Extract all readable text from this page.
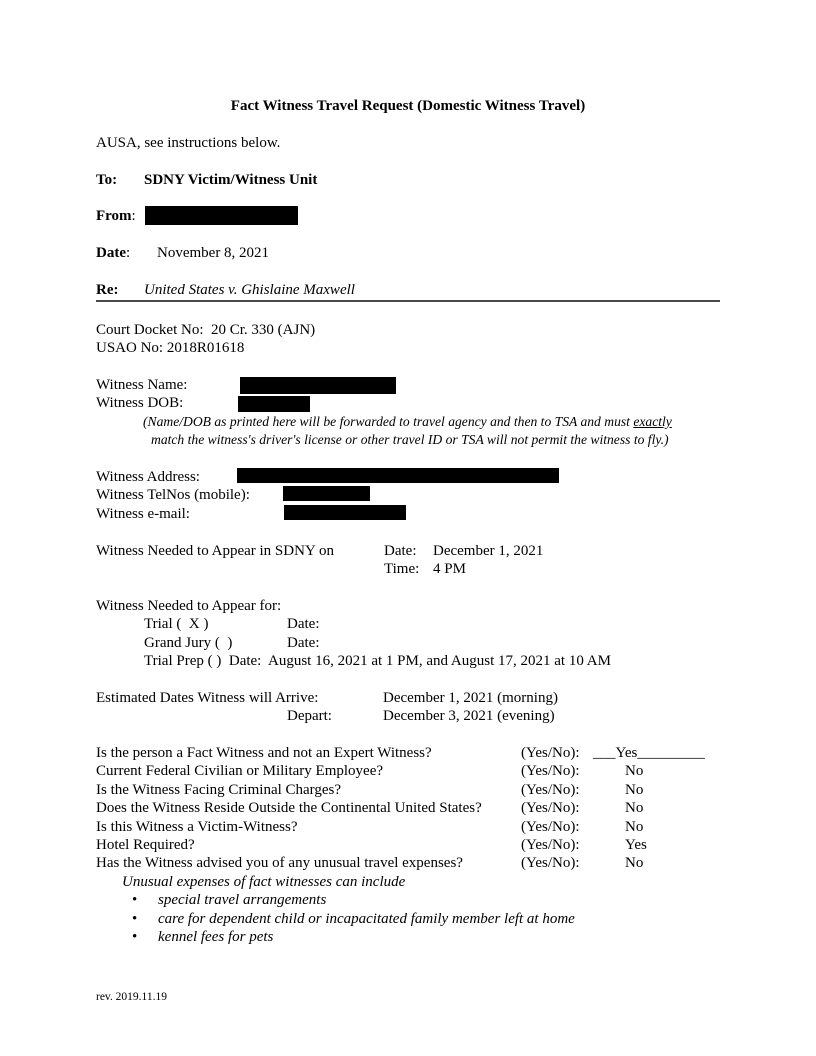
Fact Witness Travel Request (Domestic Witness Travel)
AUSA, see instructions below.
To: SDNY Victim/Witness Unit
From:
Date: November 8, 2021
Re: United States v. Ghislaine Maxwell
Court Docket No:  20 Cr. 330 (AJN)
USAO No: 2018R01618
Witness Name:
Witness DOB:
(Name/DOB as printed here will be forwarded to travel agency and then to TSA and must exactly
match the witness's driver's license or other travel ID or TSA will not permit the witness to fly.)
Witness Address:
Witness TelNos (mobile):
Witness e-mail:
Witness Needed to Appear in SDNY on	Date: December 1, 2021
Time: 4 PM
Witness Needed to Appear for:
Trial (  X )	Date:
Grand Jury (  )	Date:
Trial Prep ( )  Date:  August 16, 2021 at 1 PM, and August 17, 2021 at 10 AM
Estimated Dates Witness will Arrive:	December 1, 2021 (morning)
Depart:	December 3, 2021 (evening)
Is the person a Fact Witness and not an Expert Witness?	(Yes/No): ___Yes_________
Current Federal Civilian or Military Employee?	(Yes/No):	No
Is the Witness Facing Criminal Charges?	(Yes/No):	No
Does the Witness Reside Outside the Continental United States?	(Yes/No):	No
Is this Witness a Victim-Witness?	(Yes/No):	No
Hotel Required?	(Yes/No):	Yes
Has the Witness advised you of any unusual travel expenses?	(Yes/No):	No
Unusual expenses of fact witnesses can include
• special travel arrangements
• care for dependent child or incapacitated family member left at home
• kennel fees for pets
rev. 2019.11.19
